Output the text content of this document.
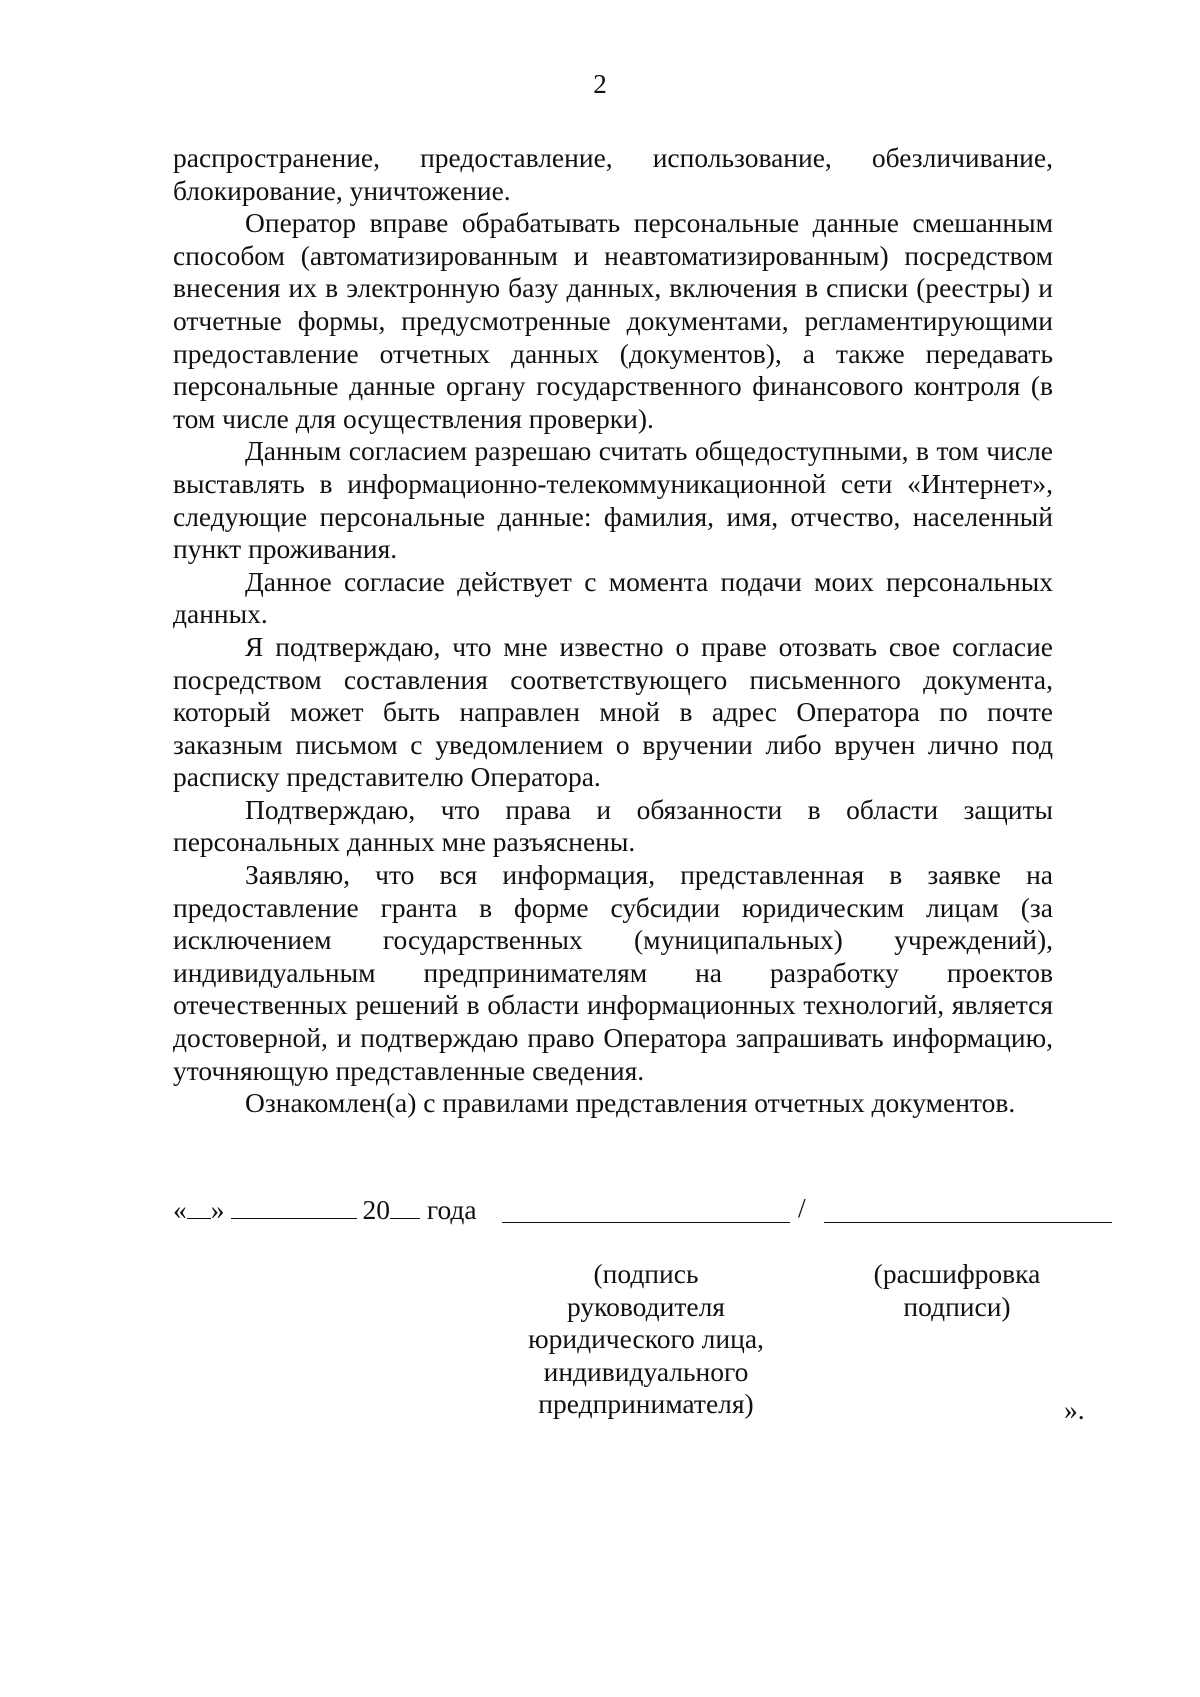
2

распространение, предоставление, использование, обезличивание, блокирование, уничтожение.

Оператор вправе обрабатывать персональные данные смешанным способом (автоматизированным и неавтоматизированным) посредством внесения их в электронную базу данных, включения в списки (реестры) и отчетные формы, предусмотренные документами, регламентирующими предоставление отчетных данных (документов), а также передавать персональные данные органу государственного финансового контроля (в том числе для осуществления проверки).

Данным согласием разрешаю считать общедоступными, в том числе выставлять в информационно-телекоммуникационной сети «Интернет», следующие персональные данные: фамилия, имя, отчество, населенный пункт проживания.

Данное согласие действует с момента подачи моих персональных данных.

Я подтверждаю, что мне известно о праве отозвать свое согласие посредством составления соответствующего письменного документа, который может быть направлен мной в адрес Оператора по почте заказным письмом с уведомлением о вручении либо вручен лично под расписку представителю Оператора.

Подтверждаю, что права и обязанности в области защиты персональных данных мне разъяснены.

Заявляю, что вся информация, представленная в заявке на предоставление гранта в форме субсидии юридическим лицам (за исключением государственных (муниципальных) учреждений), индивидуальным предпринимателям на разработку проектов отечественных решений в области информационных технологий, является достоверной, и подтверждаю право Оператора запрашивать информацию, уточняющую представленные сведения.

Ознакомлен(а) с правилами представления отчетных документов.

« »	20 года	/
(подпись
руководителя
юридического лица,
индивидуального
предпринимателя)
(расшифровка
подписи)
».
